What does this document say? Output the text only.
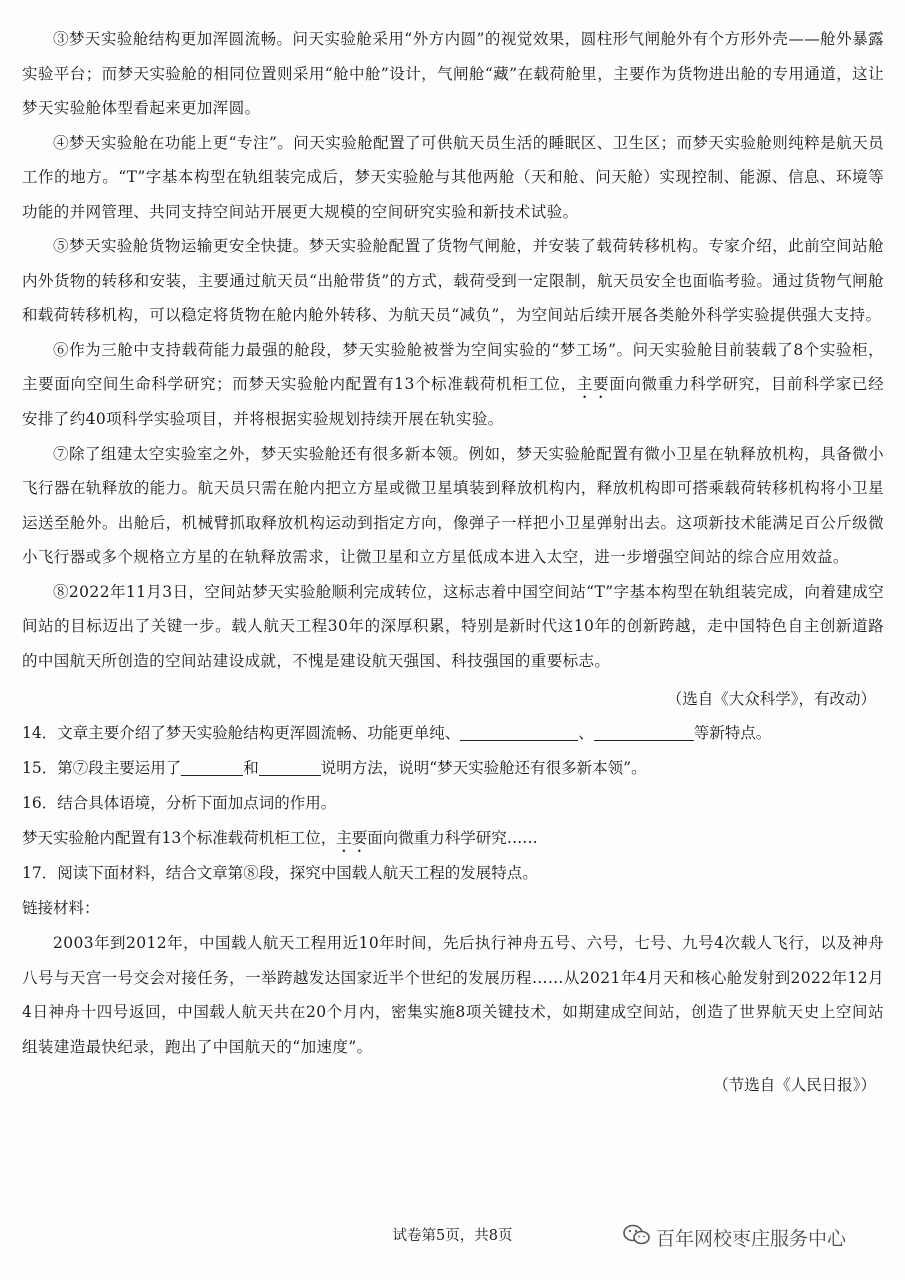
③梦天实验舱结构更加浑圆流畅。问天实验舱采用“外方内圆”的视觉效果，圆柱形气闸舱外有个方形外壳——舱外暴露实验平台；而梦天实验舱的相同位置则采用“舱中舱”设计，气闸舱“藏”在载荷舱里，主要作为货物进出舱的专用通道，这让梦天实验舱体型看起来更加浑圆。

④梦天实验舱在功能上更“专注”。问天实验舱配置了可供航天员生活的睡眠区、卫生区；而梦天实验舱则纯粹是航天员工作的地方。“T”字基本构型在轨组装完成后，梦天实验舱与其他两舱（天和舱、问天舱）实现控制、能源、信息、环境等功能的并网管理、共同支持空间站开展更大规模的空间研究实验和新技术试验。

⑤梦天实验舱货物运输更安全快捷。梦天实验舱配置了货物气闸舱，并安装了载荷转移机构。专家介绍，此前空间站舱内外货物的转移和安装，主要通过航天员“出舱带货”的方式，载荷受到一定限制，航天员安全也面临考验。通过货物气闸舱和载荷转移机构，可以稳定将货物在舱内舱外转移、为航天员“减负”，为空间站后续开展各类舱外科学实验提供强大支持。

⑥作为三舱中支持载荷能力最强的舱段，梦天实验舱被誉为空间实验的“梦工场”。问天实验舱目前装载了8个实验柜，主要面向空间生命科学研究；而梦天实验舱内配置有13个标准载荷机柜工位，主要面向微重力科学研究，目前科学家已经安排了约40项科学实验项目，并将根据实验规划持续开展在轨实验。

⑦除了组建太空实验室之外，梦天实验舱还有很多新本领。例如，梦天实验舱配置有微小卫星在轨释放机构，具备微小飞行器在轨释放的能力。航天员只需在舱内把立方星或微卫星填装到释放机构内，释放机构即可搭乘载荷转移机构将小卫星运送至舱外。出舱后，机械臂抓取释放机构运动到指定方向，像弹子一样把小卫星弹射出去。这项新技术能满足百公斤级微小飞行器或多个规格立方星的在轨释放需求，让微卫星和立方星低成本进入太空，进一步增强空间站的综合应用效益。

⑧2022年11月3日，空间站梦天实验舱顺利完成转位，这标志着中国空间站“T”字基本构型在轨组装完成，向着建成空间站的目标迈出了关键一步。载人航天工程30年的深厚积累，特别是新时代这10年的创新跨越，走中国特色自主创新道路的中国航天所创造的空间站建设成就，不愧是建设航天强国、科技强国的重要标志。

（选自《大众科学》，有改动）

14．文章主要介绍了梦天实验舱结构更浑圆流畅、功能更单纯、	、	等新特点。

15．第⑦段主要运用了	和	说明方法，说明“梦天实验舱还有很多新本领”。

16．结合具体语境，分析下面加点词的作用。

梦天实验舱内配置有13个标准载荷机柜工位，主要面向微重力科学研究……

17．阅读下面材料，结合文章第⑧段，探究中国载人航天工程的发展特点。

链接材料：

2003年到2012年，中国载人航天工程用近10年时间，先后执行神舟五号、六号，七号、九号4次载人飞行，以及神舟八号与天宫一号交会对接任务，一举跨越发达国家近半个世纪的发展历程……从2021年4月天和核心舱发射到2022年12月4日神舟十四号返回，中国载人航天共在20个月内，密集实施8项关键技术，如期建成空间站，创造了世界航天史上空间站组装建造最快纪录，跑出了中国航天的“加速度”。

（节选自《人民日报》）

试卷第5页，共8页	百年网校枣庄服务中心
